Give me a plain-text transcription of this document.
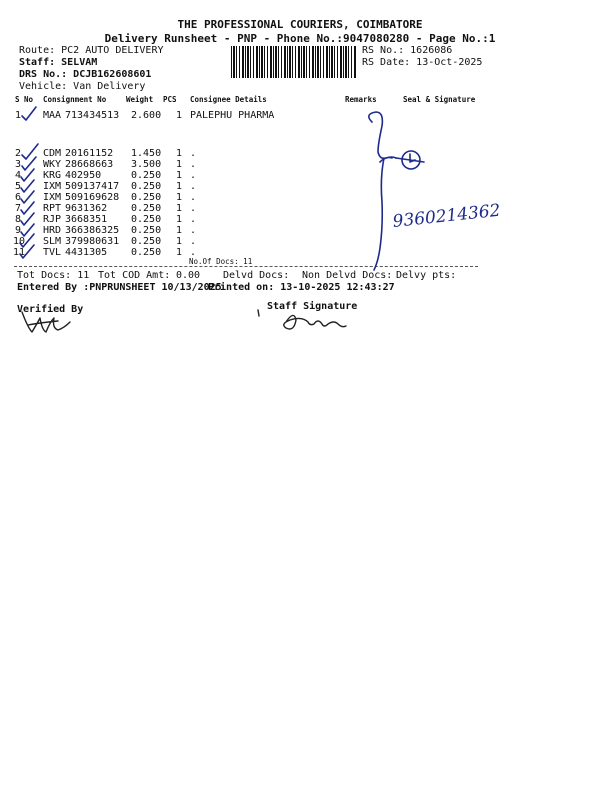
THE PROFESSIONAL COURIERS, COIMBATORE
Delivery Runsheet - PNP - Phone No.:9047080280 - Page No.:1
Route: PC2 AUTO DELIVERY
Staff: SELVAM
DRS No.: DCJB162608601
Vehicle: Van Delivery
RS No.: 1626086
RS Date: 13-Oct-2025
S No Consignment No	Weight PCS Consignee Details	Remarks	Seal & Signature
1 MAA 713434513 2.600 1 PALEPHU PHARMA
2 CDM 20161152 1.450 1 .
3 WKY 28668663 3.500 1 .
4 KRG 402950	0.250 1 .
5 IXM 509137417 0.250 1 .
6 IXM 509169628 0.250 1 .
7 RPT 9631362 0.250 1 .
8 RJP 3668351 0.250 1 .
9 HRD 366386325 0.250 1 .
10 SLM 379980631 0.250 1 .
11 TVL 4431305 0.250 1 .
No.Of Docs: 11
Tot Docs: 11 Tot COD Amt: 0.00 Delvd Docs: Non Delvd Docs: Delvy pts:
Entered By :PNPRUNSHEET 10/13/2025
Printed on: 13-10-2025 12:43:27
Verified By	Staff Signature
9360214362
